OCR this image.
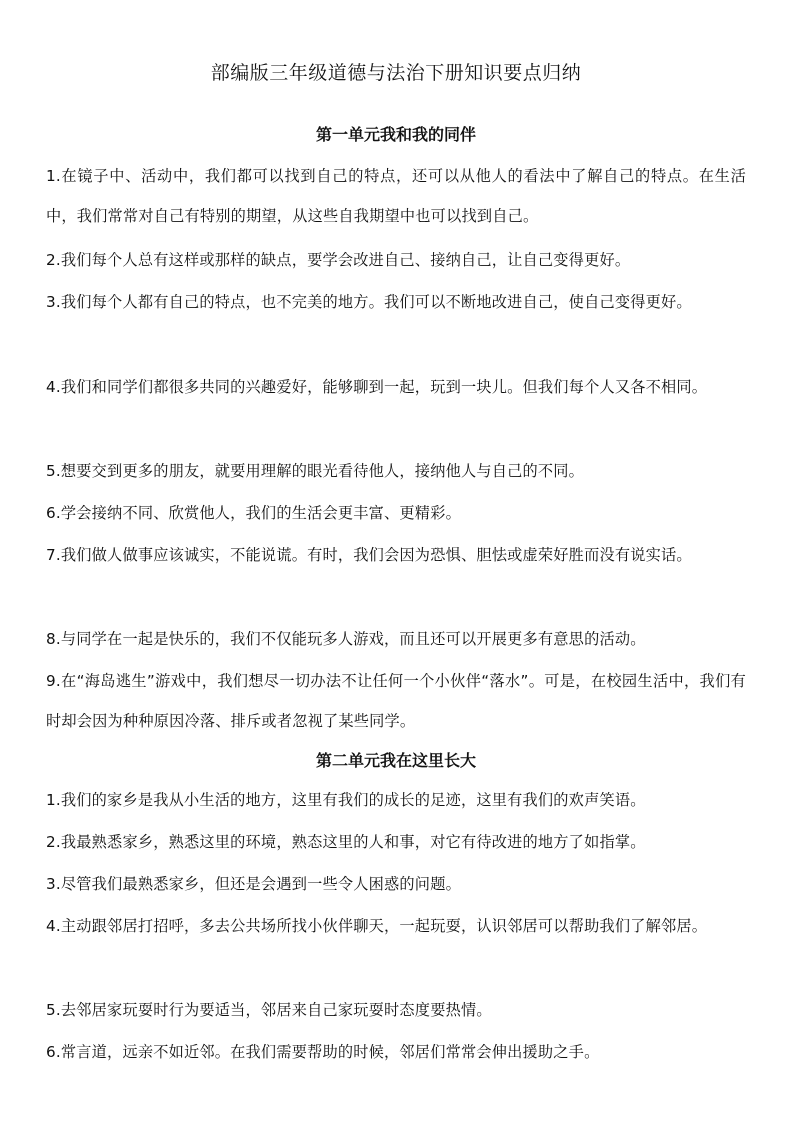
部编版三年级道德与法治下册知识要点归纳
第一单元我和我的同伴
1.在镜子中、活动中，我们都可以找到自己的特点，还可以从他人的看法中了解自己的特点。在生活中，我们常常对自己有特别的期望，从这些自我期望中也可以找到自己。
2.我们每个人总有这样或那样的缺点，要学会改进自己、接纳自己，让自己变得更好。
3.我们每个人都有自己的特点，也不完美的地方。我们可以不断地改进自己，使自己变得更好。
4.我们和同学们都很多共同的兴趣爱好，能够聊到一起，玩到一块儿。但我们每个人又各不相同。
5.想要交到更多的朋友，就要用理解的眼光看待他人，接纳他人与自己的不同。
6.学会接纳不同、欣赏他人，我们的生活会更丰富、更精彩。
7.我们做人做事应该诚实，不能说谎。有时，我们会因为恐惧、胆怯或虚荣好胜而没有说实话。
8.与同学在一起是快乐的，我们不仅能玩多人游戏，而且还可以开展更多有意思的活动。
9.在“海岛逃生”游戏中，我们想尽一切办法不让任何一个小伙伴“落水”。可是，在校园生活中，我们有时却会因为种种原因冷落、排斥或者忽视了某些同学。
第二单元我在这里长大
1.我们的家乡是我从小生活的地方，这里有我们的成长的足迹，这里有我们的欢声笑语。
2.我最熟悉家乡，熟悉这里的环境，熟态这里的人和事，对它有待改进的地方了如指掌。
3.尽管我们最熟悉家乡，但还是会遇到一些令人困惑的问题。
4.主动跟邻居打招呼，多去公共场所找小伙伴聊天，一起玩耍，认识邻居可以帮助我们了解邻居。
5.去邻居家玩耍时行为要适当，邻居来自己家玩耍时态度要热情。
6.常言道，远亲不如近邻。在我们需要帮助的时候，邻居们常常会伸出援助之手。
